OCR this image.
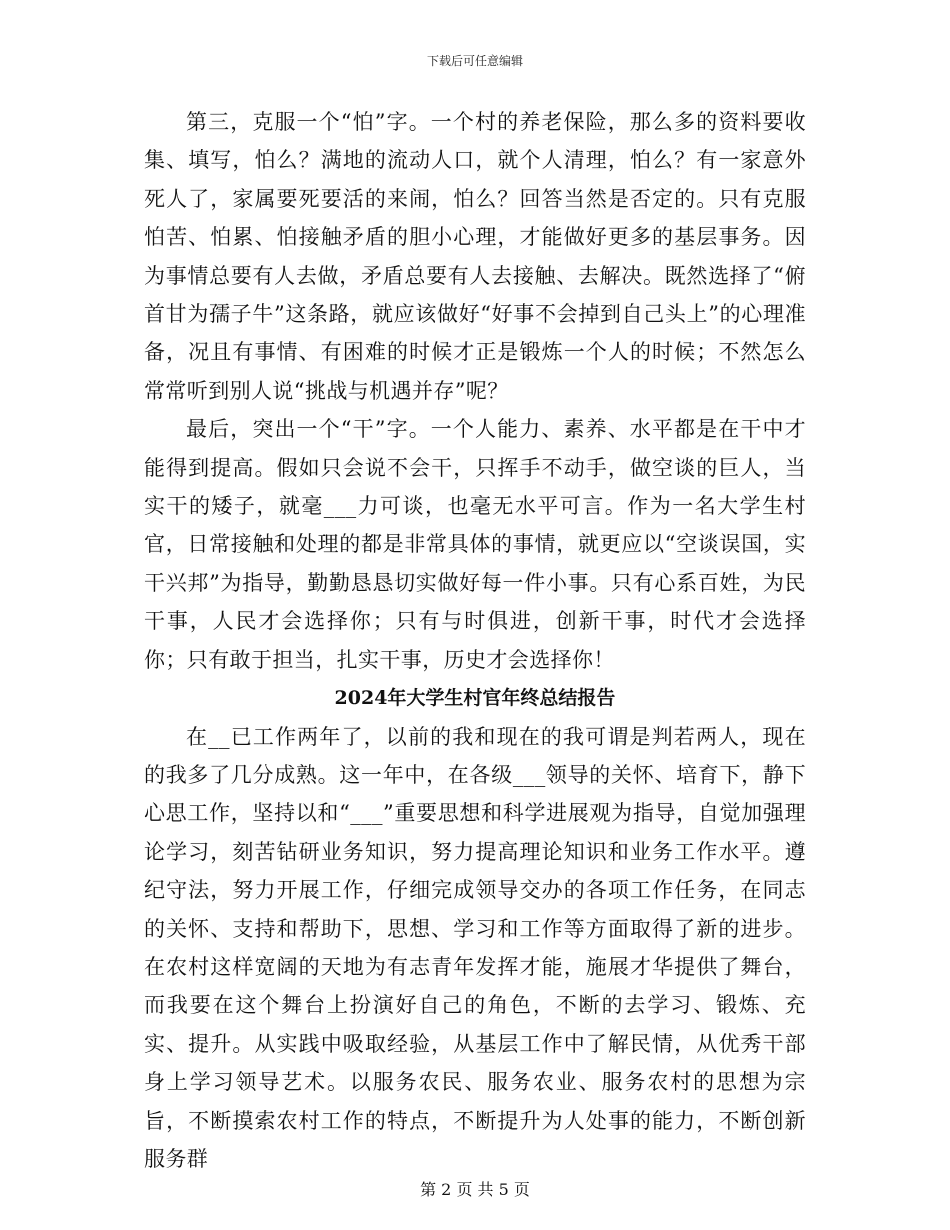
下载后可任意编辑

第三，克服一个“怕”字。一个村的养老保险，那么多的资料要收集、填写，怕么？满地的流动人口，就个人清理，怕么？有一家意外死人了，家属要死要活的来闹，怕么？回答当然是否定的。只有克服怕苦、怕累、怕接触矛盾的胆小心理，才能做好更多的基层事务。因为事情总要有人去做，矛盾总要有人去接触、去解决。既然选择了“俯首甘为孺子牛”这条路，就应该做好“好事不会掉到自己头上”的心理准备，况且有事情、有困难的时候才正是锻炼一个人的时候；不然怎么常常听到别人说“挑战与机遇并存”呢？

最后，突出一个“干”字。一个人能力、素养、水平都是在干中才能得到提高。假如只会说不会干，只挥手不动手，做空谈的巨人，当实干的矮子，就毫___力可谈，也毫无水平可言。作为一名大学生村官，日常接触和处理的都是非常具体的事情，就更应以“空谈误国，实干兴邦”为指导，勤勤恳恳切实做好每一件小事。只有心系百姓，为民干事，人民才会选择你；只有与时俱进，创新干事，时代才会选择你；只有敢于担当，扎实干事，历史才会选择你！

2024年大学生村官年终总结报告

在__已工作两年了，以前的我和现在的我可谓是判若两人，现在的我多了几分成熟。这一年中，在各级___领导的关怀、培育下，静下心思工作，坚持以和“___”重要思想和科学进展观为指导，自觉加强理论学习，刻苦钻研业务知识，努力提高理论知识和业务工作水平。遵纪守法，努力开展工作，仔细完成领导交办的各项工作任务，在同志的关怀、支持和帮助下，思想、学习和工作等方面取得了新的进步。在农村这样宽阔的天地为有志青年发挥才能，施展才华提供了舞台，而我要在这个舞台上扮演好自己的角色，不断的去学习、锻炼、充实、提升。从实践中吸取经验，从基层工作中了解民情，从优秀干部身上学习领导艺术。以服务农民、服务农业、服务农村的思想为宗旨，不断摸索农村工作的特点，不断提升为人处事的能力，不断创新服务群

第 2 页 共 5 页
